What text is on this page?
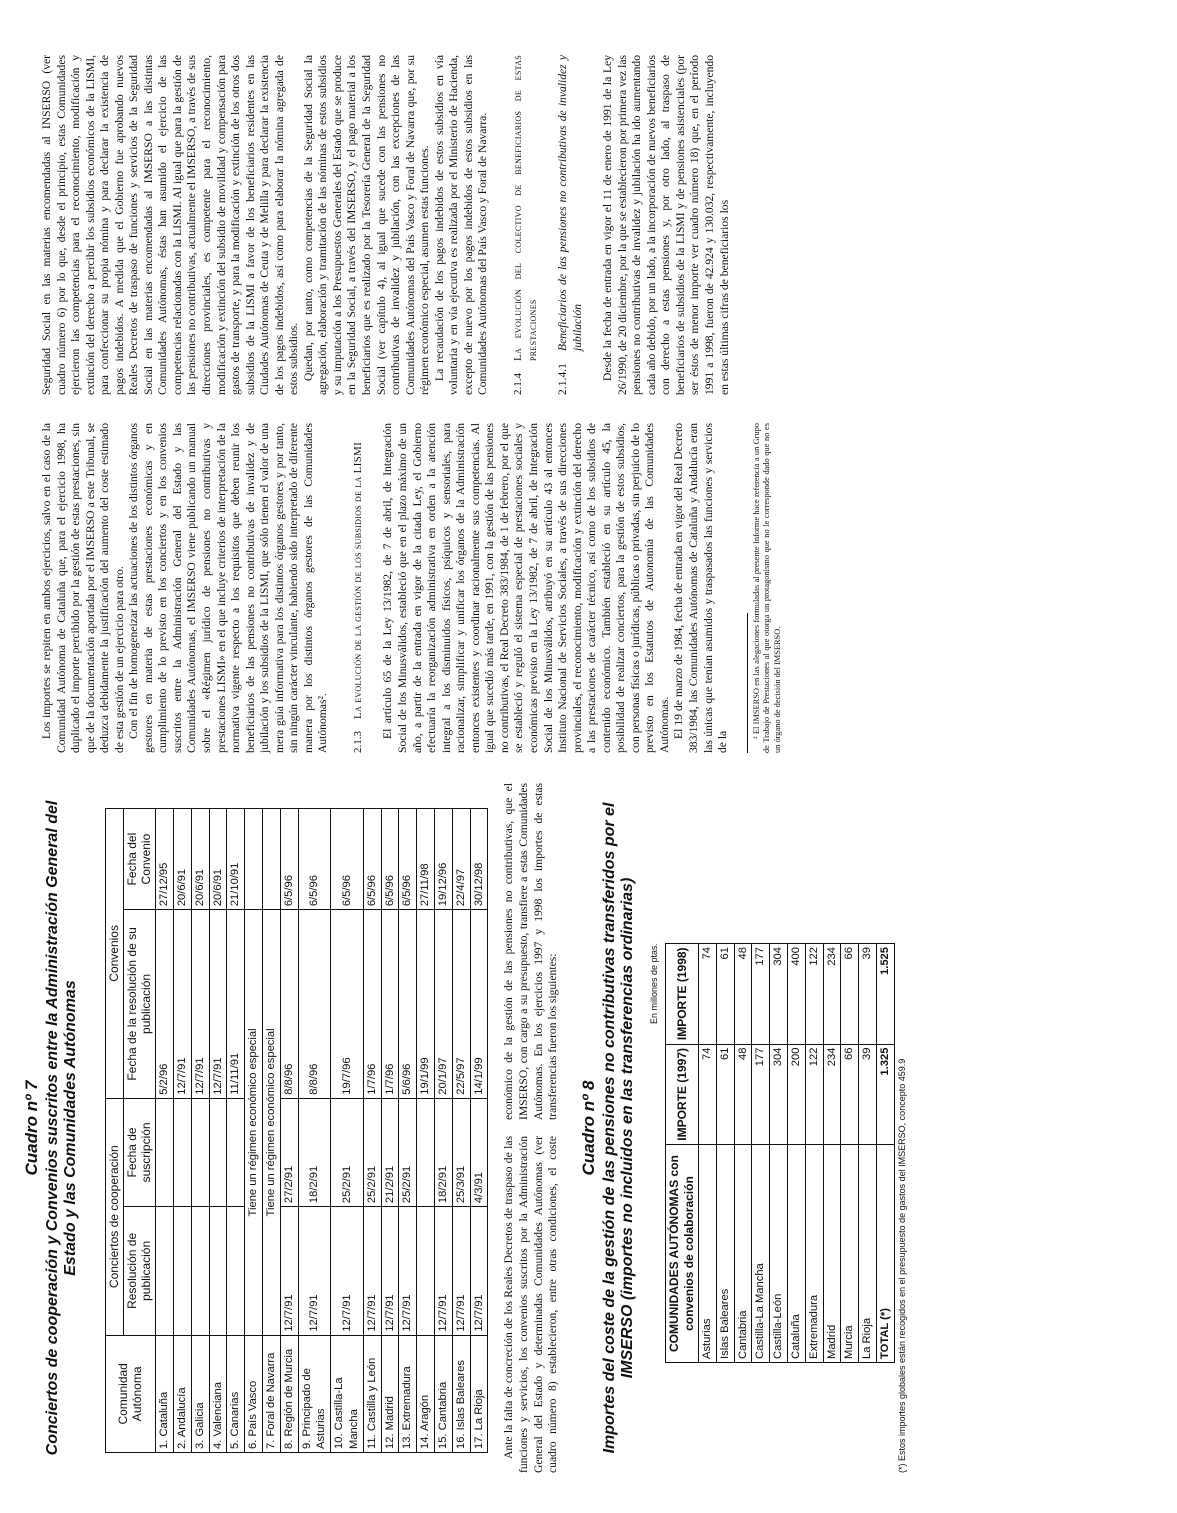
Cuadro nº 7 Conciertos de cooperación y Convenios suscritos entre la Administración General del Estado y las Comunidades Autónomas
Comunidad Autónoma	Conciertos de cooperación		Convenios	
	Resolución de publicación	Fecha de suscripción	Fecha de la resolución de su publicación	Fecha del Convenio
1. Cataluña			5/2/96	27/12/95
2. Andalucía			12/7/91	20/6/91
3. Galicia			12/7/91	20/6/91
4. Valenciana			12/7/91	20/6/91
5. Canarias			11/11/91	21/10/91
6. País Vasco	Tiene un régimen económico especial			
7. Foral de Navarra	Tiene un régimen económico especial			
8. Región de Murcia	12/7/91	27/2/91	8/8/96	6/5/96
9. Principado de Asturias	12/7/91	18/2/91	8/8/96	6/5/96
10. Castilla-La Mancha	12/7/91	25/2/91	19/7/96	6/5/96
11. Castilla y León	12/7/91	25/2/91	1/7/96	6/5/96
12. Madrid	12/7/91	21/2/91	1/7/96	6/5/96
13. Extremadura	12/7/91	25/2/91	5/6/96	6/5/96
14. Aragón			19/1/99	27/11/98
15. Cantabria	12/7/91	18/2/91	20/1/97	19/12/96
16. Islas Baleares	12/7/91	25/3/91	22/5/97	22/4/97
17. La Rioja	12/7/91	4/3/91	14/1/99	30/12/98

Ante la falta de concreción de los Reales Decretos de traspaso de las funciones y servicios, los convenios suscritos por la Administración General del Estado y determinadas Comunidades Autónomas (ver cuadro número 8) establecieron, entre otras condiciones, el coste económico de la gestión de las pensiones no contributivas, que el IMSERSO, con cargo a su presupuesto, transfiere a estas Comunidades Autónomas. En los ejercicios 1997 y 1998 los importes de estas transferencias fueron los siguientes:

Cuadro nº 8 Importes del coste de la gestión de las pensiones no contributivas transferidos por el IMSERSO (importes no incluidos en las transferencias ordinarias) En millones de ptas.
COMUNIDADES AUTÓNOMAS con convenios de colaboración	IMPORTE (1997)	IMPORTE (1998)
Asturias	74	74
Islas Baleares	61	61
Cantabria	48	48
Castilla-La Mancha	177	177
Castilla-León	304	304
Cataluña	200	400
Extremadura	122	122
Madrid	234	234
Murcia	66	66
La Rioja	39	39
TOTAL (*)	1.325	1.525

(*) Estos importes globales están recogidos en el presupuesto de gastos del IMSERSO, concepto 459.9

Los importes se repiten en ambos ejercicios, salvo en el caso de la Comunidad Autónoma de Cataluña que, para el ejercicio 1998, ha duplicado el importe percibido por la gestión de estas prestaciones, sin que de la documentación aportada por el IMSERSO a este Tribunal, se deduzca debidamente la justificación del aumento del coste estimado de esta gestión de un ejercicio para otro. Con el fin de homogeneizar las actuaciones de los distintos órganos gestores en materia de estas prestaciones económicas y en cumplimiento de lo previsto en los conciertos y en los convenios suscritos entre la Administración General del Estado y las Comunidades Autónomas, el IMSERSO viene publicando un manual sobre el «Régimen jurídico de pensiones no contributivas y prestaciones LISMI» en el que incluye criterios de interpretación de la normativa vigente respecto a los requisitos que deben reunir los beneficiarios de las pensiones no contributivas de invalidez y de jubilación y los subsidios de la LISMI, que sólo tienen el valor de una mera guía informativa para los distintos órganos gestores y por tanto, sin ningún carácter vinculante, habiendo sido interpretado de diferente manera por los distintos órganos gestores de las Comunidades Autónomas². 2.1.3
La evolución de la gestión de los subsidios de la LISMI El artículo 65 de la Ley 13/1982, de 7 de abril, de Integración Social de los Minusválidos, estableció que en el plazo máximo de un año, a partir de la entrada en vigor de la citada Ley, el Gobierno efectuaría la reorganización administrativa en orden a la atención integral a los disminuidos físicos, psíquicos y sensoriales, para racionalizar, simplificar y unificar los órganos de la Administración entonces existentes y coordinar racionalmente sus competencias. Al igual que sucedió más tarde, en 1991, con la gestión de las pensiones no contributivas, el Real Decreto 383/1984, de 1 de febrero, por el que se estableció y reguló el sistema especial de prestaciones sociales y económicas previsto en la Ley 13/1982, de 7 de abril, de Integración Social de los Minusválidos, atribuyó en su artículo 43 al entonces Instituto Nacional de Servicios Sociales, a través de sus direcciones provinciales, el reconocimiento, modificación y extinción del derecho a las prestaciones de carácter técnico, así como de los subsidios de contenido económico. También estableció en su artículo 45, la posibilidad de realizar conciertos, para la gestión de estos subsidios, con personas físicas o jurídicas, públicas o privadas, sin perjuicio de lo previsto en los Estatutos de Autonomía de las Comunidades Autónomas. El 19 de marzo de 1984, fecha de entrada en vigor del Real Decreto 383/1984, las Comunidades Autónomas de Cataluña y Andalucía eran las únicas que tenían asumidos y traspasados las funciones y servicios de la

² El IMSERSO en las alegaciones formuladas al presente Informe hace referencia a un Grupo de Trabajo de Prestaciones al que otorga un protagonismo que no le corresponde dado que no es un órgano de decisión del IMSERSO.

Seguridad Social en las materias encomendadas al INSERSO (ver cuadro número 6) por lo que, desde el principio, estas Comunidades ejercieron las competencias para el reconocimiento, modificación y extinción del derecho a percibir los subsidios económicos de la LISMI, para confeccionar su propia nómina y para declarar la existencia de pagos indebidos. A medida que el Gobierno fue aprobando nuevos Reales Decretos de traspaso de funciones y servicios de la Seguridad Social en las materias encomendadas al IMSERSO a las distintas Comunidades Autónomas, éstas han asumido el ejercicio de las competencias relacionadas con la LISMI. Al igual que para la gestión de las pensiones no contributivas, actualmente el IMSERSO, a través de sus direcciones provinciales, es competente para el reconocimiento, modificación y extinción del subsidio de movilidad y compensación para gastos de transporte, y para la modificación y extinción de los otros dos subsidios de la LISMI a favor de los beneficiarios residentes en las Ciudades Autónomas de Ceuta y de Melilla y para declarar la existencia de los pagos indebidos, así como para elaborar la nómina agregada de estos subsidios. Quedan, por tanto, como competencias de la Seguridad Social la agregación, elaboración y tramitación de las nóminas de estos subsidios y su imputación a los Presupuestos Generales del Estado que se produce en la Seguridad Social, a través del IMSERSO, y el pago material a los beneficiarios que es realizado por la Tesorería General de la Seguridad Social (ver capítulo 4), al igual que sucede con las pensiones no contributivas de invalidez y jubilación, con las excepciones de las Comunidades Autónomas del País Vasco y Foral de Navarra que, por su régimen económico especial, asumen estas funciones. La recaudación de los pagos indebidos de estos subsidios en vía voluntaria y en vía ejecutiva es realizada por el Ministerio de Hacienda, excepto de nuevo por los pagos indebidos de estos subsidios en las Comunidades Autónomas del País Vasco y Foral de Navarra. 2.1.4
La evolución del colectivo de beneficiarios de estas prestaciones
2.1.4.1
Beneficiarios de las pensiones no contributivas de invalidez y jubilación Desde la fecha de entrada en vigor el 11 de enero de 1991 de la Ley 26/1990, de 20 diciembre, por la que se establecieron por primera vez las pensiones no contributivas de invalidez y jubilación ha ido aumentando cada año debido, por un lado, a la incorporación de nuevos beneficiarios con derecho a estas pensiones y, por otro lado, al traspaso de beneficiarios de subsidios de la LISMI y de pensiones asistenciales (por ser éstos de menor importe ver cuadro número 18) que, en el período 1991 a 1998, fueron de 42.924 y 130.032, respectivamente, incluyendo en estas últimas cifras de beneficiarios los
